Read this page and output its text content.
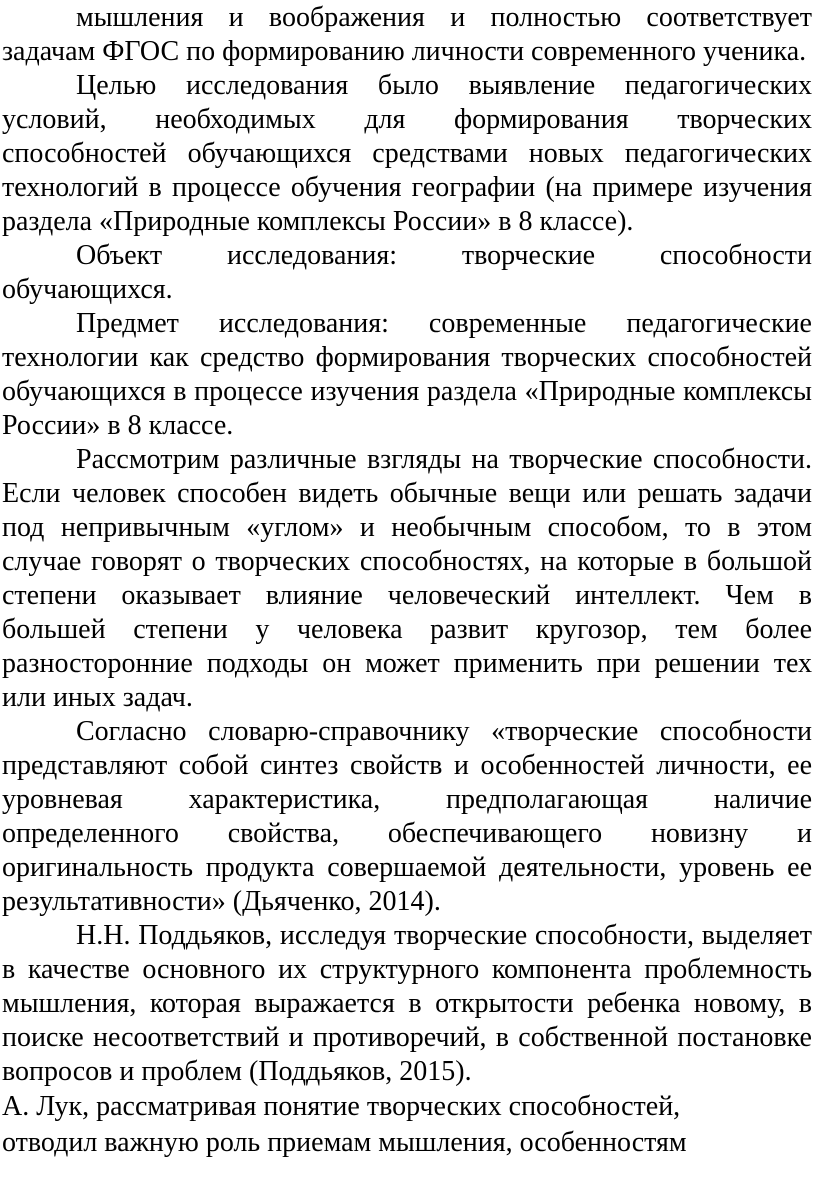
мышления и воображения и полностью соответствует задачам ФГОС по формированию личности современного ученика.

Целью исследования было выявление педагогических условий, необходимых для формирования творческих способностей обучающихся средствами новых педагогических технологий в процессе обучения географии (на примере изучения раздела «Природные комплексы России» в 8 классе).

Объект исследования: творческие способности обучающихся.

Предмет исследования: современные педагогические технологии как средство формирования творческих способностей обучающихся в процессе изучения раздела «Природные комплексы России» в 8 классе.

Рассмотрим различные взгляды на творческие способности. Если человек способен видеть обычные вещи или решать задачи под непривычным «углом» и необычным способом, то в этом случае говорят о творческих способностях, на которые в большой степени оказывает влияние человеческий интеллект. Чем в большей степени у человека развит кругозор, тем более разносторонние подходы он может применить при решении тех или иных задач.

Согласно словарю-справочнику «творческие способности представляют собой синтез свойств и особенностей личности, ее уровневая характеристика, предполагающая наличие определенного свойства, обеспечивающего новизну и оригинальность продукта совершаемой деятельности, уровень ее результативности» (Дьяченко, 2014).

Н.Н. Поддьяков, исследуя творческие способности, выделяет в качестве основного их структурного компонента проблемность мышления, которая выражается в открытости ребенка новому, в поиске несоответствий и противоречий, в собственной постановке вопросов и проблем (Поддьяков, 2015).

А. Лук, рассматривая понятие творческих способностей,

отводил важную роль приемам мышления, особенностям
